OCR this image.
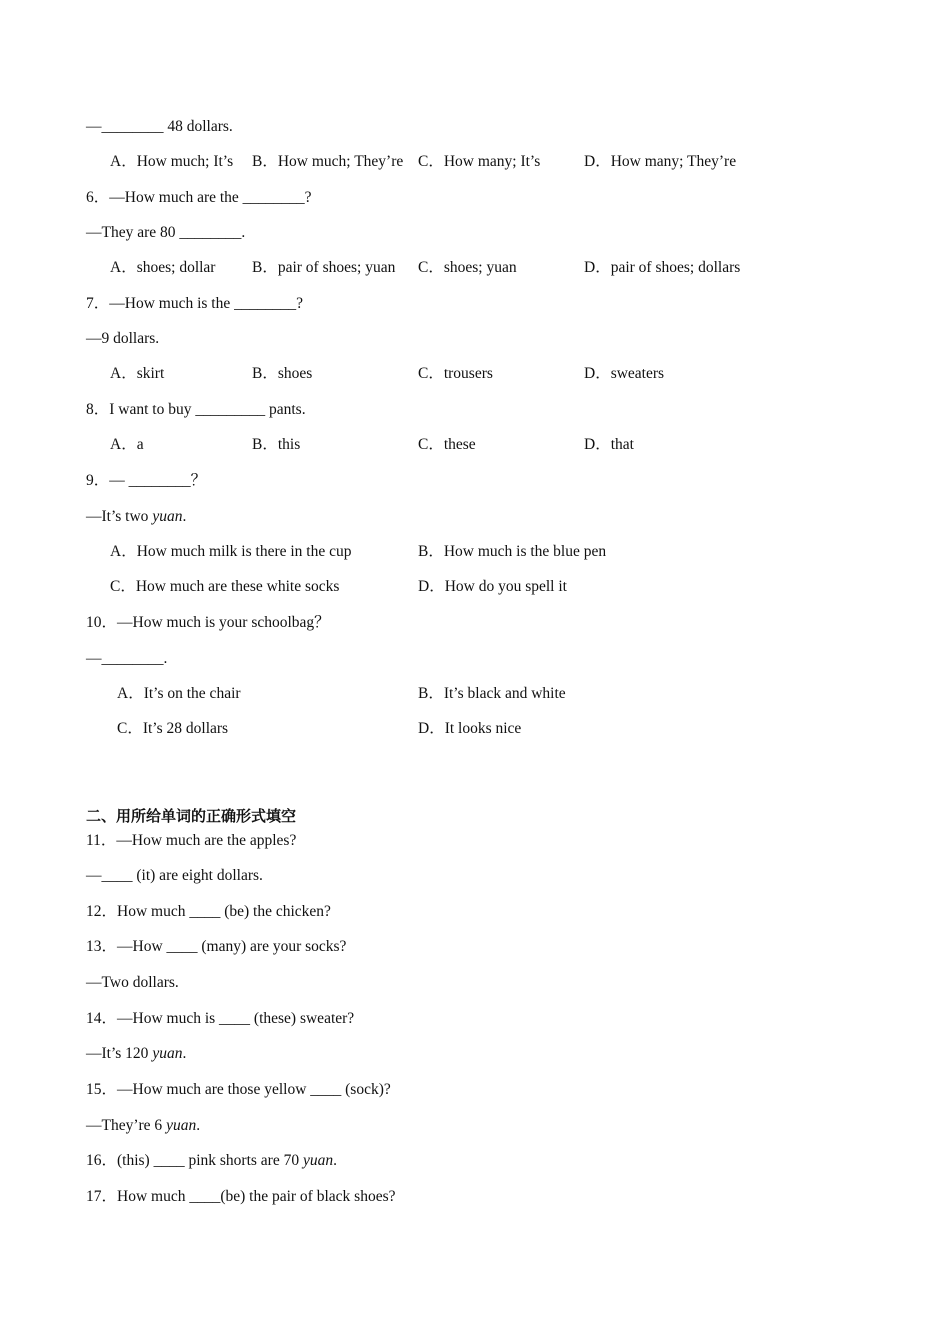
—________ 48 dollars.
A．How much; It’s B．How much; They’re C．How many; It’s	D．How many; They’re
6．—How much are the ________?
—They are 80 ________.
A．shoes; dollar B．pair of shoes; yuan C．shoes; yuan	D．pair of shoes; dollars
7．—How much is the ________?
—9 dollars.
A．skirt	B．shoes	C．trousers	D．sweaters
8．I want to buy _________ pants.
A．a	B．this	C．these	D．that
9．— ________？
—It’s two yuan.
A．How much milk is there in the cup	B．How much is the blue pen
C．How much are these white socks	D．How do you spell it
10．—How much is your schoolbag？
—________.
A．It’s on the chair	B．It’s black and white
C．It’s 28 dollars	D．It looks nice
二、用所给单词的正确形式填空
11．—How much are the apples?
—____ (it) are eight dollars.
12．How much ____ (be) the chicken?
13．—How ____ (many) are your socks?
—Two dollars.
14．—How much is ____ (these) sweater?
—It’s 120 yuan.
15．—How much are those yellow ____ (sock)?
—They’re 6 yuan.
16．(this) ____ pink shorts are 70 yuan.
17．How much ____(be) the pair of black shoes?
